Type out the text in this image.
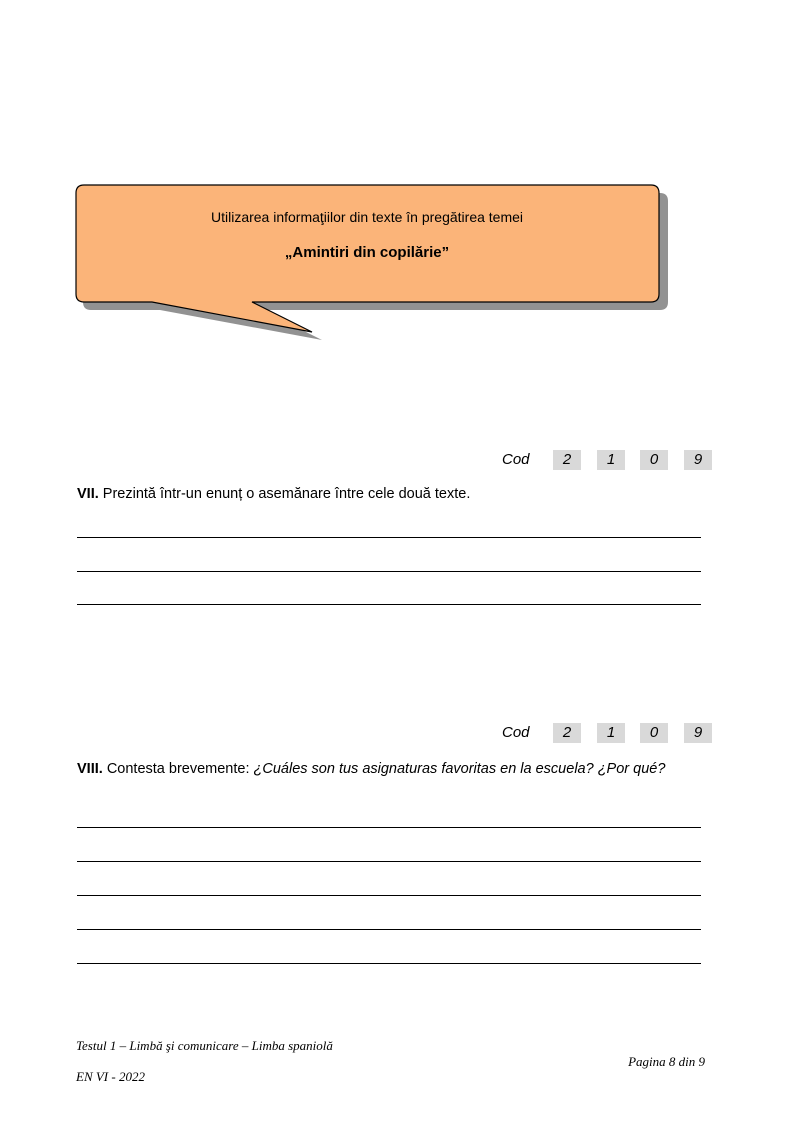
Utilizarea informaţiilor din texte în pregătirea temei
„Amintiri din copilărie”
Cod	2	1	0	9
VII. Prezintă într-un enunț o asemănare între cele două texte.
Cod	2	1	0	9
VIII. Contesta brevemente: ¿Cuáles son tus asignaturas favoritas en la escuela? ¿Por qué?
Testul 1 – Limbă şi comunicare – Limba spaniolă
Pagina 8 din 9
EN VI - 2022
